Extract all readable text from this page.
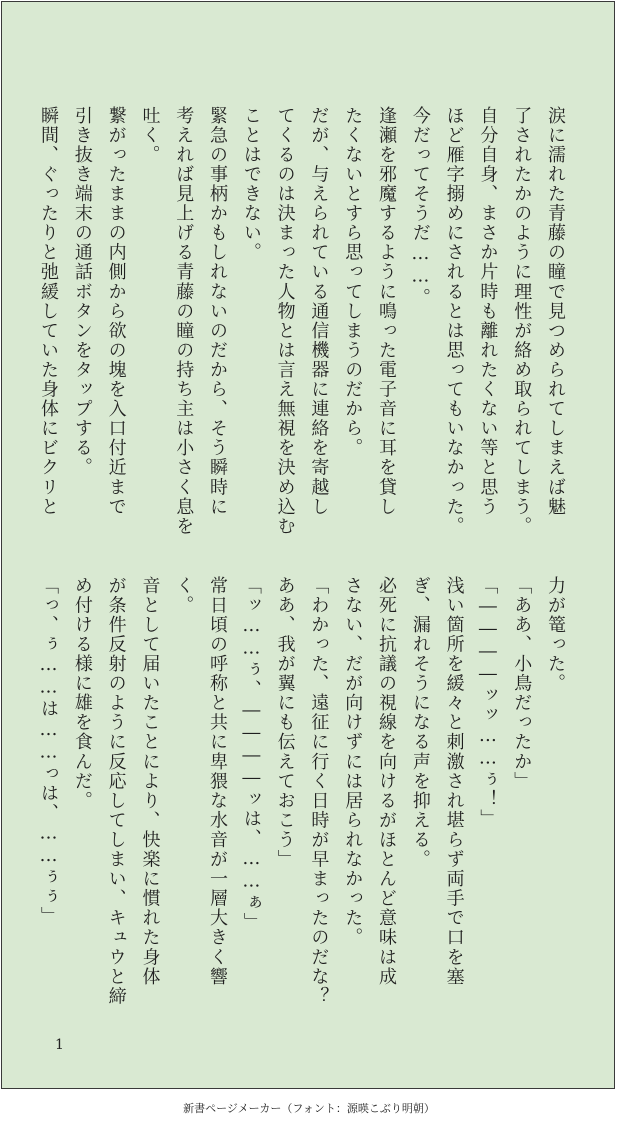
涙に濡れた青藤の瞳で見つめられてしまえば魅

了されたかのように理性が絡め取られてしまう。

自分自身、まさか片時も離れたくない等と思う

ほど雁字搦めにされるとは思ってもいなかった。

今だってそうだ……。

逢瀬を邪魔するように鳴った電子音に耳を貸し

たくないとすら思ってしまうのだから。

だが、与えられている通信機器に連絡を寄越し

てくるのは決まった人物とは言え無視を決め込む

ことはできない。

緊急の事柄かもしれないのだから、そう瞬時に

考えれば見上げる青藤の瞳の持ち主は小さく息を

吐く。

繋がったままの内側から欲の塊を入口付近まで

引き抜き端末の通話ボタンをタップする。

瞬間、ぐったりと弛緩していた身体にビクリと

力が篭った。

「ああ、小鳥だったか」

「――――ッッ……ぅ！」

浅い箇所を緩々と刺激され堪らず両手で口を塞

ぎ、漏れそうになる声を抑える。

必死に抗議の視線を向けるがほとんど意味は成

さない、だが向けずには居られなかった。

「わかった、遠征に行く日時が早まったのだな？

ああ、我が翼にも伝えておこう」

「ッ……ぅ、――――ッは、……ぁ」

常日頃の呼称と共に卑猥な水音が一層大きく響

く。

音として届いたことにより、快楽に慣れた身体

が条件反射のように反応してしまい、キュウと締

め付ける様に雄を食んだ。

「っ、ぅ……は……っは、……ぅぅ」

1
新書ページメーカー（フォント：源暎こぶり明朝）
